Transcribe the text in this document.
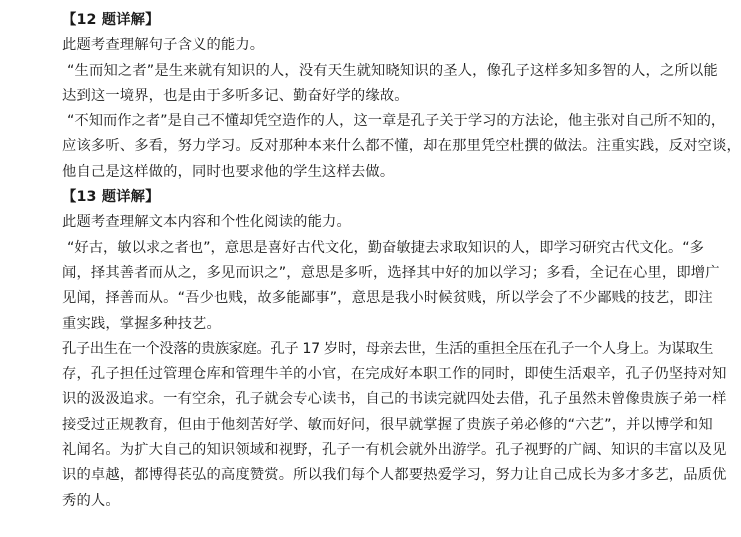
【12 题详解】
此题考查理解句子含义的能力。
“生而知之者”是生来就有知识的人，没有天生就知晓知识的圣人，像孔子这样多知多智的人，之所以能
达到这一境界，也是由于多听多记、勤奋好学的缘故。
“不知而作之者”是自己不懂却凭空造作的人，这一章是孔子关于学习的方法论，他主张对自己所不知的，
应该多听、多看，努力学习。反对那种本来什么都不懂，却在那里凭空杜撰的做法。注重实践，反对空谈，
他自己是这样做的，同时也要求他的学生这样去做。
【13 题详解】
此题考查理解文本内容和个性化阅读的能力。
“好古，敏以求之者也”，意思是喜好古代文化，勤奋敏捷去求取知识的人，即学习研究古代文化。“多
闻，择其善者而从之，多见而识之”，意思是多听，选择其中好的加以学习；多看，全记在心里，即增广
见闻，择善而从。“吾少也贱，故多能鄙事”，意思是我小时候贫贱，所以学会了不少鄙贱的技艺，即注
重实践，掌握多种技艺。
孔子出生在一个没落的贵族家庭。孔子 17 岁时，母亲去世，生活的重担全压在孔子一个人身上。为谋取生
存，孔子担任过管理仓库和管理牛羊的小官，在完成好本职工作的同时，即使生活艰辛，孔子仍坚持对知
识的汲汲追求。一有空余，孔子就会专心读书，自己的书读完就四处去借，孔子虽然未曾像贵族子弟一样
接受过正规教育，但由于他刻苦好学、敏而好问，很早就掌握了贵族子弟必修的“六艺”，并以博学和知
礼闻名。为扩大自己的知识领域和视野，孔子一有机会就外出游学。孔子视野的广阔、知识的丰富以及见
识的卓越，都博得苌弘的高度赞赏。所以我们每个人都要热爱学习，努力让自己成长为多才多艺，品质优
秀的人。
